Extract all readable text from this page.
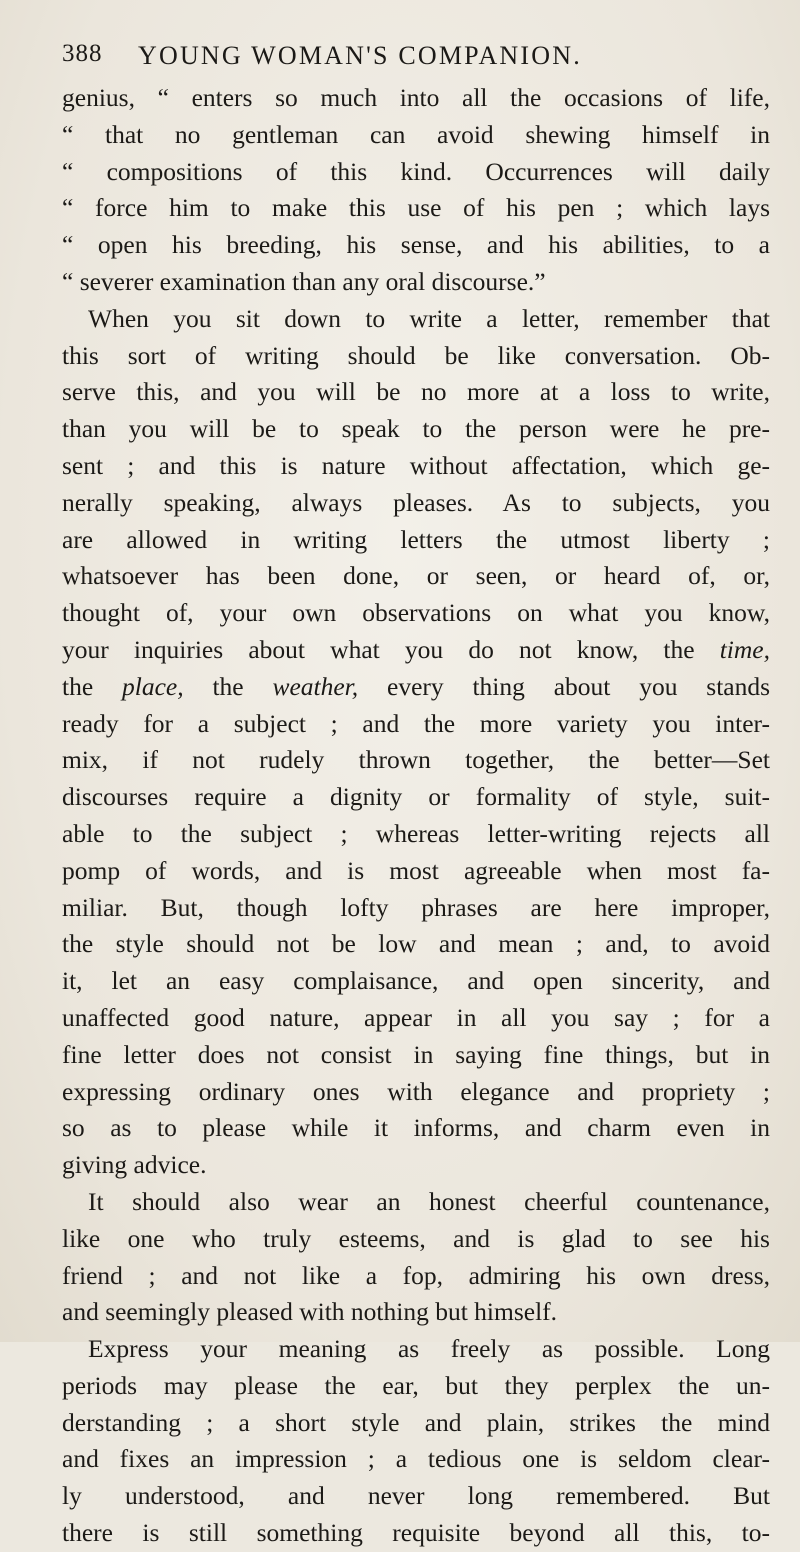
388 YOUNG WOMAN'S COMPANION.
genius, “ enters so much into all the occasions of life,
“ that no gentleman can avoid shewing himself in
“ compositions of this kind. Occurrences will daily
“ force him to make this use of his pen ; which lays
“ open his breeding, his sense, and his abilities, to a
“ severer examination than any oral discourse.”
When you sit down to write a letter, remember that
this sort of writing should be like conversation. Ob-
serve this, and you will be no more at a loss to write,
than you will be to speak to the person were he pre-
sent ; and this is nature without affectation, which ge-
nerally speaking, always pleases. As to subjects, you
are allowed in writing letters the utmost liberty ;
whatsoever has been done, or seen, or heard of, or,
thought of, your own observations on what you know,
your inquiries about what you do not know, the time,
the place, the weather, every thing about you stands
ready for a subject ; and the more variety you inter-
mix, if not rudely thrown together, the better—Set
discourses require a dignity or formality of style, suit-
able to the subject ; whereas letter-writing rejects all
pomp of words, and is most agreeable when most fa-
miliar. But, though lofty phrases are here improper,
the style should not be low and mean ; and, to avoid
it, let an easy complaisance, and open sincerity, and
unaffected good nature, appear in all you say ; for a
fine letter does not consist in saying fine things, but in
expressing ordinary ones with elegance and propriety ;
so as to please while it informs, and charm even in
giving advice.
It should also wear an honest cheerful countenance,
like one who truly esteems, and is glad to see his
friend ; and not like a fop, admiring his own dress,
and seemingly pleased with nothing but himself.
Express your meaning as freely as possible. Long
periods may please the ear, but they perplex the un-
derstanding ; a short style and plain, strikes the mind
and fixes an impression ; a tedious one is seldom clear-
ly understood, and never long remembered. But
there is still something requisite beyond all this, to-
